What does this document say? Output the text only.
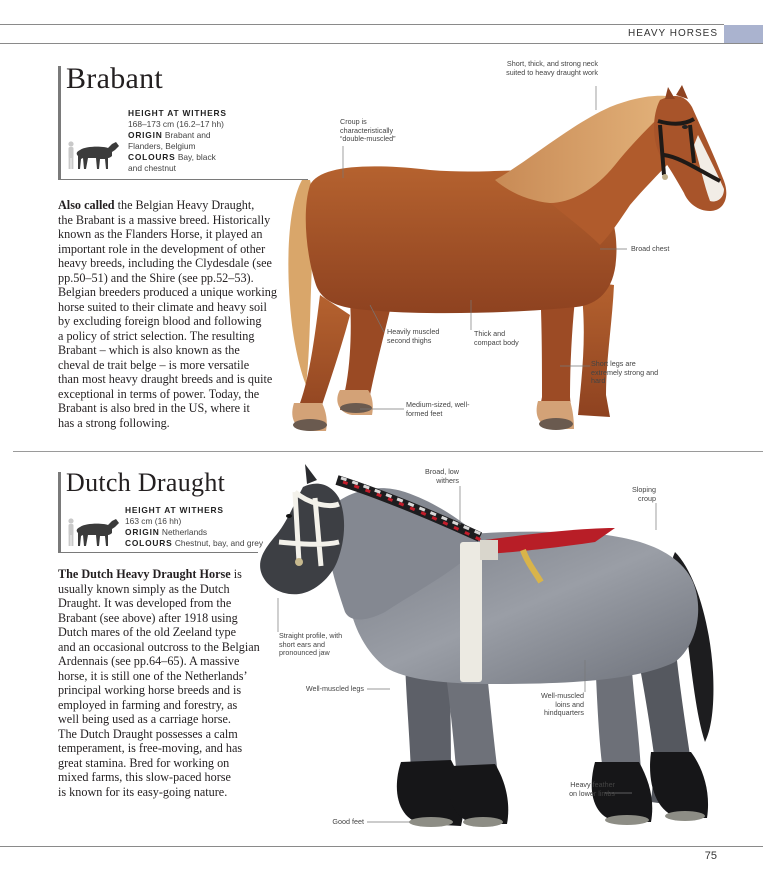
HEAVY HORSES
Brabant
HEIGHT AT WITHERS
168–173 cm (16.2–17 hh)
ORIGIN Brabant and
Flanders, Belgium
COLOURS Bay, black
and chestnut
Also called the Belgian Heavy Draught,
the Brabant is a massive breed. Historically
known as the Flanders Horse, it played an
important role in the development of other
heavy breeds, including the Clydesdale (see
pp.50–51) and the Shire (see pp.52–53).
Belgian breeders produced a unique working
horse suited to their climate and heavy soil
by excluding foreign blood and following
a policy of strict selection. The resulting
Brabant – which is also known as the
cheval de trait belge – is more versatile
than most heavy draught breeds and is quite
exceptional in terms of power. Today, the
Brabant is also bred in the US, where it
has a strong following.
Dutch Draught
HEIGHT AT WITHERS
163 cm (16 hh)
ORIGIN Netherlands
COLOURS Chestnut, bay, and grey
The Dutch Heavy Draught Horse is
usually known simply as the Dutch
Draught. It was developed from the
Brabant (see above) after 1918 using
Dutch mares of the old Zeeland type
and an occasional outcross to the Belgian
Ardennais (see pp.64–65). A massive
horse, it is still one of the Netherlands’
principal working horse breeds and is
employed in farming and forestry, as
well being used as a carriage horse.
The Dutch Draught possesses a calm
temperament, is free-moving, and has
great stamina. Bred for working on
mixed farms, this slow-paced horse
is known for its easy-going nature.
Short, thick, and strong neck suited to heavy draught work
Croup is characteristically “double-muscled”
Broad chest
Heavily muscled second thighs
Thick and compact body
Short legs are extremely strong and hard
Medium-sized, well-formed feet
Broad, low withers
Sloping croup
Straight profile, with short ears and pronounced jaw
Well-muscled legs
Well-muscled loins and hindquarters
Heavy feather on lower limbs
Good feet
75
